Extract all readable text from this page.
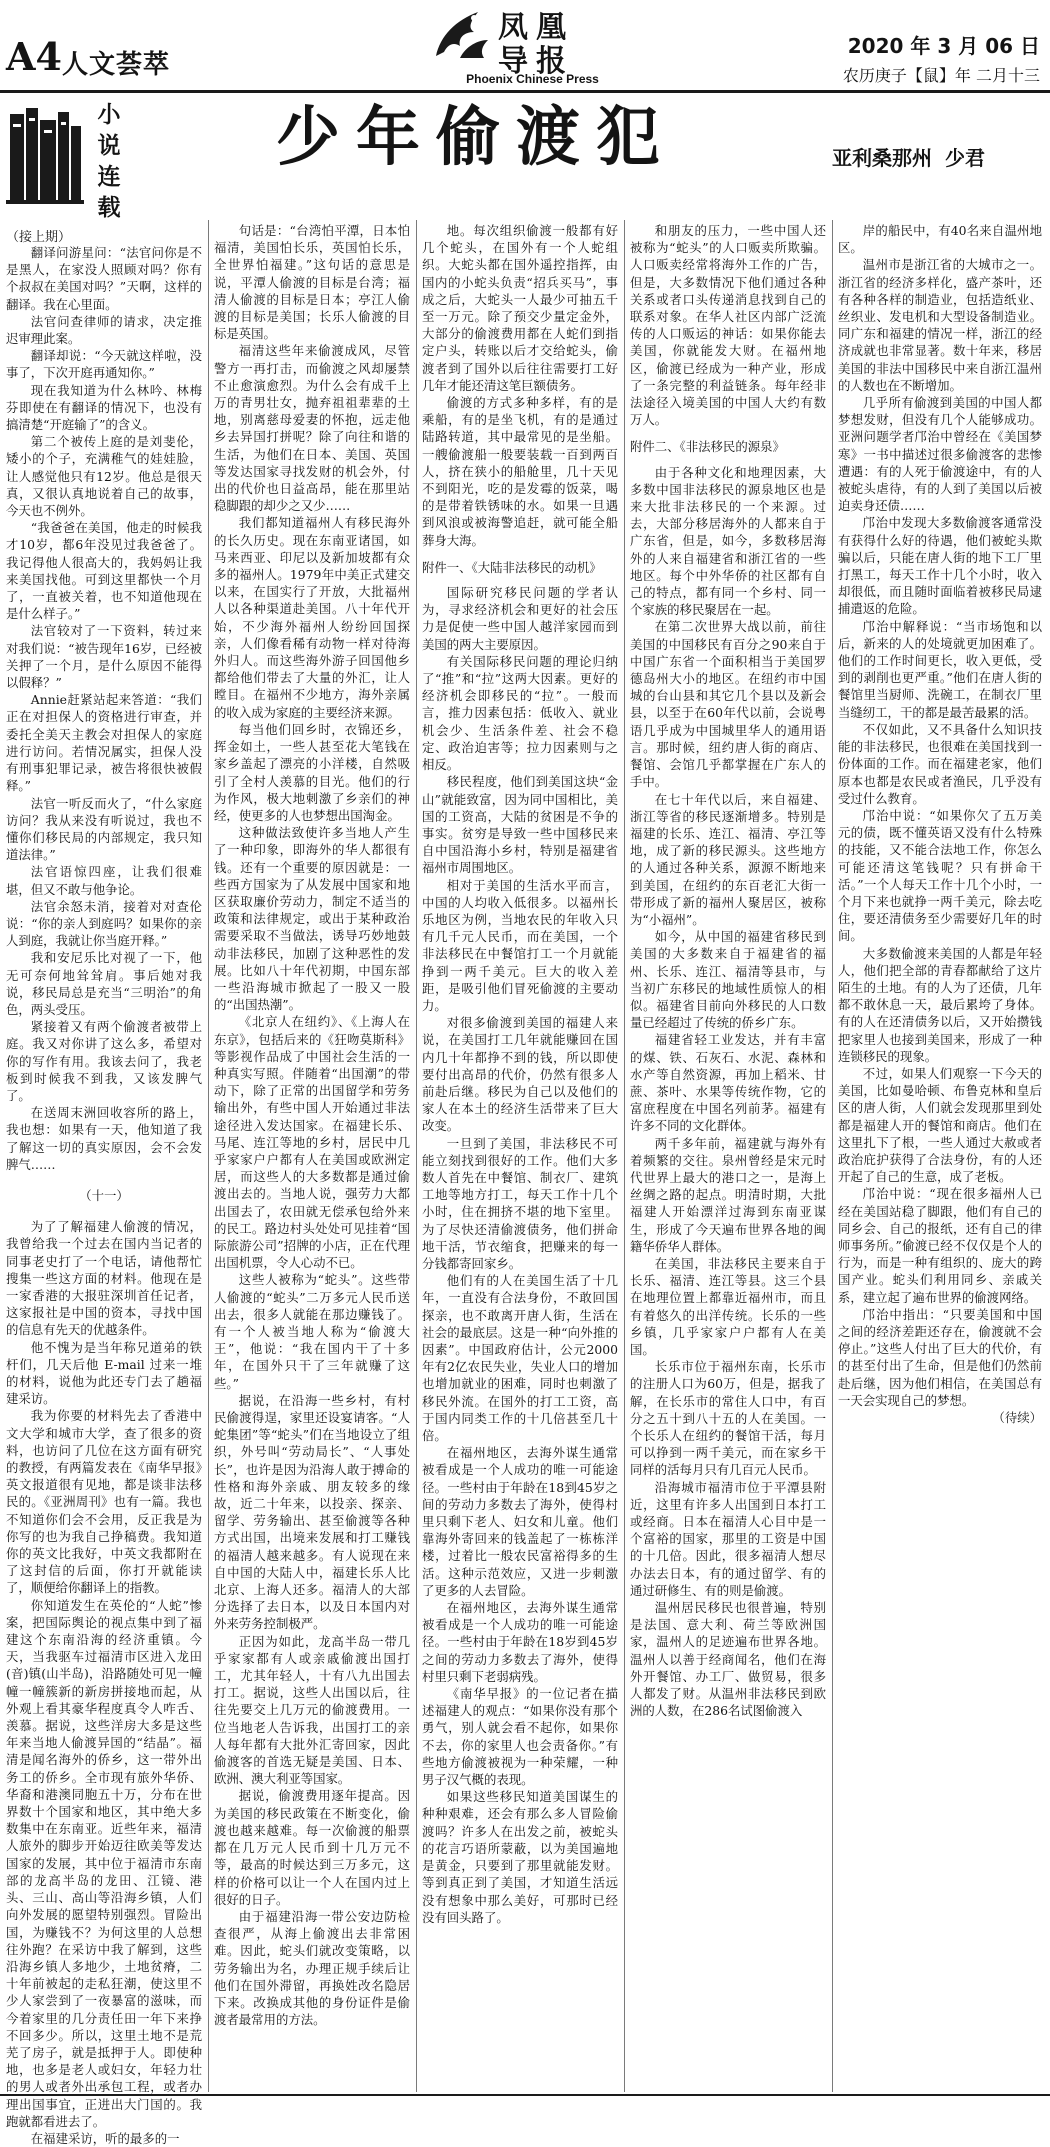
A4 人文荟萃
凤凰
导报
Phoenix Chinese Press
2020 年 3 月 06 日
农历庚子【鼠】年 二月十三
小
说
连
载
少年偷渡犯	亚利桑那州 少君
（接上期）

翻译问游星问：“法官问你是不是黑人，在家没人照顾对吗？你有个叔叔在美国对吗？”天啊，这样的翻译。我在心里面。

法官问查律师的请求，决定推迟审理此案。

翻译却说：“今天就这样啦，没事了，下次开庭再通知你。”

现在我知道为什么林吟、林梅芬即使在有翻译的情况下，也没有搞清楚“开庭输了”的含义。

第二个被传上庭的是刘斐伦，矮小的个子，充满稚气的娃娃脸，让人感觉他只有12岁。他总是很天真，又很认真地说着自己的故事，今天也不例外。

“我爸爸在美国，他走的时候我才10岁，都6年没见过我爸爸了。我记得他人很高大的，我妈妈让我来美国找他。可到这里都快一个月了，一直被关着，也不知道他现在是什么样子。”

法官较对了一下资料，转过来对我们说：“被告现年16岁，已经被关押了一个月，是什么原因不能得以假释？”

Annie赶紧站起来答道：“我们正在对担保人的资格进行审查，并委托全美天主教会对担保人的家庭进行访问。若情况属实，担保人没有刑事犯罪记录，被告将很快被假释。”

法官一听反而火了，“什么家庭访问？我从来没有听说过，我也不懂你们移民局的内部规定，我只知道法律。”

法官语惊四座，让我们很难堪，但又不敢与他争论。

法官余怒未消，接着对对查伦说：“你的亲人到庭吗？如果你的亲人到庭，我就让你当庭开释。”

我和安尼乐比对视了一下，他无可奈何地耸耸肩。事后她对我说，移民局总是充当“三明治”的角色，两头受压。

紧接着又有两个偷渡者被带上庭。我又对你讲了这么多，希望对你的写作有用。我该去问了，我老板到时候我不到我，又该发脾气了。

在送周末洲回收容所的路上，我也想：如果有一天，他知道了我了解这一切的真实原因，会不会发脾气……

（十一）

为了了解福建人偷渡的情况，我曾给我一个过去在国内当记者的同事老史打了一个电话，请他帮忙搜集一些这方面的材料。他现在是一家香港的大报驻深圳首任记者，这家报社是中国的资本，寻找中国的信息有先天的优越条件。

他不愧为是当年称兄道弟的铁杆们，几天后他 E-mail 过来一堆的材料，说他为此还专门去了趟福建采访。

我为你要的材料先去了香港中文大学和城市大学，查了很多的资料，也访问了几位在这方面有研究的教授，有两篇发表在《南华早报》英文报道很有见地，都是谈非法移民的。《亚洲周刊》也有一篇。我也不知道你们会不会用，反正我是为你写的也为我自己挣稿费。我知道你的英文比我好，中英文我都附在了这封信的后面，你打开就能读了，顺便给你翻译上的指教。

你知道发生在英伦的“人蛇”惨案，把国际舆论的视点集中到了福建这个东南沿海的经济重镇。今天，当我驱车过福清市区进入龙田(音)镇(山半岛)，沿路随处可见一幢幢一幢簇新的新房拼接地而起，从外观上看其豪华程度真令人咋舌、羡慕。据说，这些洋房大多是这些年来当地人偷渡异国的“结晶”。福清是闻名海外的侨乡，这一带外出务工的侨乡。全市现有旅外华侨、华裔和港澳同胞五十万，分布在世界数十个国家和地区，其中绝大多数集中在东南亚。近些年来，福清人旅外的脚步开始迈往欧美等发达国家的发展，其中位于福清市东南部的龙高半岛的龙田、江镜、港头、三山、高山等沿海乡镇，人们向外发展的愿望特别强烈。冒险出国，为赚钱不？为何这里的人总想往外跑？在采访中我了解到，这些沿海乡镇人多地少，土地贫瘠，二十年前被起的走私狂潮，使这里不少人家尝到了一夜暴富的滋味，而今着家里的几分责任田一年下来挣不回多少。所以，这里土地不是荒芜了房子，就是抵押于人。即使种地，也多是老人或妇女，年轻力壮的男人或者外出承包工程，或者办理出国事宜，正进出大门国的。我跑就都看进去了。

在福建采访，听的最多的一

句话是：“台湾怕平潭，日本怕福清，美国怕长乐，英国怕长乐，全世界怕福建。”这句话的意思是说，平潭人偷渡的目标是台湾；福清人偷渡的目标是日本；亭江人偷渡的目标是美国；长乐人偷渡的目标是英国。

福清这些年来偷渡成风，尽管警方一再打击，而偷渡之风却屡禁不止愈演愈烈。为什么会有成千上万的青男壮女，抛弃祖祖辈辈的土地，别离慈母爱妻的怀抱，远走他乡去异国打拼呢？除了向往和谐的生活，为他们在日本、美国、英国等发达国家寻找发财的机会外，付出的代价也日益高昂，能在那里站稳脚跟的却少之又少……

我们都知道福州人有移民海外的长久历史。现在东南亚诸国，如马来西亚、印尼以及新加坡都有众多的福州人。1979年中美正式建交以来，在国实行了开放，大批福州人以各种渠道赴美国。八十年代开始，不少海外福州人纷纷回国探亲，人们像看稀有动物一样对待海外归人。而这些海外游子回国他乡都给他们带去了大量的外汇，让人瞠目。在福州不少地方，海外亲属的收入成为家庭的主要经济来源。

每当他们回乡时，衣锦还乡，挥金如土，一些人甚至花大笔钱在家乡盖起了漂亮的小洋楼，自然吸引了全村人羡慕的目光。他们的行为作风，极大地刺激了乡亲们的神经，使更多的人也梦想出国淘金。

这种做法致使许多当地人产生了一种印象，即海外的华人都很有钱。还有一个重要的原因就是：一些西方国家为了从发展中国家和地区获取廉价劳动力，制定不适当的政策和法律规定，或出于某种政治需要采取不当做法，诱导巧妙地鼓动非法移民，加剧了这种恶性的发展。比如八十年代初期，中国东部一些沿海城市掀起了一股又一股的“出国热潮”。

《北京人在纽约》、《上海人在东京》，包括后来的《狂吻莫斯科》等影视作品成了中国社会生活的一种真实写照。伴随着“出国潮”的带动下，除了正常的出国留学和劳务输出外，有些中国人开始通过非法途径进入发达国家。在福建长乐、马尾、连江等地的乡村，居民中几乎家家户户都有人在美国或欧洲定居，而这些人的大多数都是通过偷渡出去的。当地人说，强劳力大都出国去了，农田就无偿承包给外来的民工。路边村头处处可见挂着“国际旅游公司”招牌的小店，正在代理出国机票，令人心动不已。

这些人被称为“蛇头”。这些带人偷渡的“蛇头”二万多元人民币送出去，很多人就能在那边赚钱了。有一个人被当地人称为“偷渡大王”，他说：“我在国内干了十多年，在国外只干了三年就赚了这些。”

据说，在沿海一些乡村，有村民偷渡得逞，家里还设宴请客。“人蛇集团”等“蛇头”们在当地设立了组织，外号叫“劳动局长”、“人事处长”，也许是因为沿海人敢于搏命的性格和海外亲戚、朋友较多的缘故，近二十年来，以投亲、探亲、留学、劳务输出、甚至偷渡等各种方式出国，出境来发展和打工赚钱的福清人越来越多。有人说现在来自中国的大陆人中，福建长乐人比北京、上海人还多。福清人的大部分选择了去日本，以及日本国内对外来劳务控制极严。

正因为如此，龙高半岛一带几乎家家都有人或亲戚偷渡出国打工，尤其年轻人，十有八九出国去打工。据说，这些人出国以后，往往先要交上几万元的偷渡费用。一位当地老人告诉我，出国打工的亲人每年都有大批外汇寄回家，因此偷渡客的首选无疑是美国、日本、欧洲、澳大利亚等国家。

据说，偷渡费用逐年提高。因为美国的移民政策在不断变化，偷渡也越来越难。每一次偷渡的船票都在几万元人民币到十几万元不等，最高的时候达到三万多元，这样的价格可以让一个人在国内过上很好的日子。

由于福建沿海一带公安边防检查很严，从海上偷渡出去非常困难。因此，蛇头们就改变策略，以劳务输出为名，办理正规手续后让他们在国外滞留，再换姓改名隐居下来。改换成其他的身份证件是偷渡者最常用的方法。

地。每次组织偷渡一般都有好几个蛇头，在国外有一个人蛇组织。大蛇头都在国外遥控指挥，由国内的小蛇头负责“招兵买马”，事成之后，大蛇头一人最少可抽五千至一万元。除了预交少量定金外，大部分的偷渡费用都在人蛇们到指定户头，转账以后才交给蛇头，偷渡者到了国外以后往往需要打工好几年才能还清这笔巨额债务。

偷渡的方式多种多样，有的是乘船，有的是坐飞机，有的是通过陆路转道，其中最常见的是坐船。一艘偷渡船一般要装载一百到两百人，挤在狭小的船舱里，几十天见不到阳光，吃的是发霉的饭菜，喝的是带着铁锈味的水。如果一旦遇到风浪或被海警追赶，就可能全船葬身大海。

附件一、《大陆非法移民的动机》

国际研究移民问题的学者认为，寻求经济机会和更好的社会压力是促使一些中国人越洋家园而到美国的两大主要原因。

有关国际移民问题的理论归纳了“推”和“拉”这两大因素。更好的经济机会即移民的“拉”。一般而言，推力因素包括：低收入、就业机会少、生活条件差、社会不稳定、政治迫害等；拉力因素则与之相反。

移民程度，他们到美国这块“金山”就能致富，因为同中国相比，美国的工资高，大陆的贫困是不争的事实。贫穷是导致一些中国移民来自中国沿海小乡村，特别是福建省福州市周围地区。

相对于美国的生活水平而言，中国的人均收入低很多。以福州长乐地区为例，当地农民的年收入只有几千元人民币，而在美国，一个非法移民在中餐馆打工一个月就能挣到一两千美元。巨大的收入差距，是吸引他们冒死偷渡的主要动力。

对很多偷渡到美国的福建人来说，在美国打工几年就能赚回在国内几十年都挣不到的钱，所以即使要付出高昂的代价，仍然有很多人前赴后继。移民为自己以及他们的家人在本土的经济生活带来了巨大改变。

一旦到了美国，非法移民不可能立刻找到很好的工作。他们大多数人首先在中餐馆、制衣厂、建筑工地等地方打工，每天工作十几个小时，住在拥挤不堪的地下室里。为了尽快还清偷渡债务，他们拼命地干活，节衣缩食，把赚来的每一分钱都寄回家乡。

他们有的人在美国生活了十几年，一直没有合法身份，不敢回国探亲，也不敢离开唐人街，生活在社会的最底层。这是一种“向外推的因素”。中国政府估计，公元2000年有2亿农民失业，失业人口的增加也增加就业的困难，同时也刺激了移民外流。在国外的打工工资，高于国内同类工作的十几倍甚至几十倍。

在福州地区，去海外谋生通常被看成是一个人成功的唯一可能途径。一些村由于年龄在18到45岁之间的劳动力多数去了海外，使得村里只剩下老人、妇女和儿童。他们靠海外寄回来的钱盖起了一栋栋洋楼，过着比一般农民富裕得多的生活。这种示范效应，又进一步刺激了更多的人去冒险。

在福州地区，去海外谋生通常被看成是一个人成功的唯一可能途径。一些村由于年龄在18岁到45岁之间的劳动力多数去了海外，使得村里只剩下老弱病残。

《南华早报》的一位记者在描述福建人的观点：“如果你没有那个勇气，别人就会看不起你，如果你不去，你的家里人也会责备你。”有些地方偷渡被视为一种荣耀，一种男子汉气概的表现。

如果这些移民知道美国谋生的种种艰难，还会有那么多人冒险偷渡吗？许多人在出发之前，被蛇头的花言巧语所蒙蔽，以为美国遍地是黄金，只要到了那里就能发财。等到真正到了美国，才知道生活远没有想象中那么美好，可那时已经没有回头路了。

和朋友的压力，一些中国人还被称为“蛇头”的人口贩卖所欺骗。人口贩卖经常将海外工作的广告，但是，大多数情况下他们通过各种关系或者口头传递消息找到自己的联系对象。在华人社区内部广泛流传的人口贩运的神话：如果你能去美国，你就能发大财。在福州地区，偷渡已经成为一种产业，形成了一条完整的利益链条。每年经非法途径入境美国的中国人大约有数万人。

附件二、《非法移民的源泉》

由于各种文化和地理因素，大多数中国非法移民的源泉地区也是来大批非法移民的一个来源。过去，大部分移居海外的人都来自于广东省，但是，如今，多数移居海外的人来自福建省和浙江省的一些地区。每个中外华侨的社区都有自己的特点，都有同一个乡村、同一个家族的移民聚居在一起。

在第二次世界大战以前，前往美国的中国移民有百分之90来自于中国广东省一个面积相当于美国罗德岛州大小的地区。在纽约市中国城的台山县和其它几个县以及新会县，以至于在60年代以前，会说粤语几乎成为中国城里华人的通用语言。那时候，纽约唐人街的商店、餐馆、会馆几乎都掌握在广东人的手中。

在七十年代以后，来自福建、浙江等省的移民逐渐增多。特别是福建的长乐、连江、福清、亭江等地，成了新的移民源头。这些地方的人通过各种关系，源源不断地来到美国，在纽约的东百老汇大街一带形成了新的福州人聚居区，被称为“小福州”。

如今，从中国的福建省移民到美国的大多数来自于福建省的福州、长乐、连江、福清等县市，与当初广东移民的地域性质惊人的相似。福建省目前向外移民的人口数量已经超过了传统的侨乡广东。

福建省轻工业发达，并有丰富的煤、铁、石灰石、水泥、森林和水产等自然资源，再加上稻米、甘蔗、茶叶、水果等传统作物，它的富庶程度在中国名列前茅。福建有许多不同的文化群体。

两千多年前，福建就与海外有着频繁的交往。泉州曾经是宋元时代世界上最大的港口之一，是海上丝绸之路的起点。明清时期，大批福建人开始漂洋过海到东南亚谋生，形成了今天遍布世界各地的闽籍华侨华人群体。

在美国，非法移民主要来自于长乐、福清、连江等县。这三个县在地理位置上都靠近福州市，而且有着悠久的出洋传统。长乐的一些乡镇，几乎家家户户都有人在美国。

长乐市位于福州东南，长乐市的注册人口为60万，但是，据我了解，在长乐市的常住人口中，有百分之五十到八十五的人在美国。一个长乐人在纽约的餐馆干活，每月可以挣到一两千美元，而在家乡干同样的活每月只有几百元人民币。

沿海城市福清市位于平潭县附近，这里有许多人出国到日本打工或经商。日本在福清人心目中是一个富裕的国家，那里的工资是中国的十几倍。因此，很多福清人想尽办法去日本，有的通过留学、有的通过研修生、有的则是偷渡。

温州居民移民也很普遍，特别是法国、意大利、荷兰等欧洲国家，温州人的足迹遍布世界各地。温州人以善于经商闻名，他们在海外开餐馆、办工厂、做贸易，很多人都发了财。从温州非法移民到欧洲的人数，在286名试图偷渡入

岸的船民中，有40名来自温州地区。

温州市是浙江省的大城市之一。浙江省的经济多样化，盛产茶叶，还有各种各样的制造业，包括造纸业、丝织业、发电机和大型设备制造业。同广东和福建的情况一样，浙江的经济成就也非常显著。数十年来，移居美国的非法中国移民中来自浙江温州的人数也在不断增加。

几乎所有偷渡到美国的中国人都梦想发财，但没有几个人能够成功。亚洲问题学者邝治中曾经在《美国梦寒》一书中描述过很多偷渡客的悲惨遭遇：有的人死于偷渡途中，有的人被蛇头虐待，有的人到了美国以后被迫卖身还债……

邝治中发现大多数偷渡客通常没有获得什么好的待遇，他们被蛇头欺骗以后，只能在唐人街的地下工厂里打黑工，每天工作十几个小时，收入却很低，而且随时面临着被移民局逮捕遣返的危险。

邝治中解释说：“当市场饱和以后，新来的人的处境就更加困难了。他们的工作时间更长，收入更低，受到的剥削也更严重。”他们在唐人街的餐馆里当厨师、洗碗工，在制衣厂里当缝纫工，干的都是最苦最累的活。

不仅如此，又不具备什么知识技能的非法移民，也很难在美国找到一份体面的工作。而在福建老家，他们原本也都是农民或者渔民，几乎没有受过什么教育。

邝治中说：“如果你欠了五万美元的债，既不懂英语又没有什么特殊的技能，又不能合法地工作，你怎么可能还清这笔钱呢？只有拼命干活。”一个人每天工作十几个小时，一个月下来也就挣一两千美元，除去吃住，要还清债务至少需要好几年的时间。

大多数偷渡来美国的人都是年轻人，他们把全部的青春都献给了这片陌生的土地。有的人为了还债，几年都不敢休息一天，最后累垮了身体。有的人在还清债务以后，又开始攒钱把家里人也接到美国来，形成了一种连锁移民的现象。

不过，如果人们观察一下今天的美国，比如曼哈顿、布鲁克林和皇后区的唐人街，人们就会发现那里到处都是福建人开的餐馆和商店。他们在这里扎下了根，一些人通过大赦或者政治庇护获得了合法身份，有的人还开起了自己的生意，成了老板。

邝治中说：“现在很多福州人已经在美国站稳了脚跟，他们有自己的同乡会、自己的报纸，还有自己的律师事务所。”偷渡已经不仅仅是个人的行为，而是一种有组织的、庞大的跨国产业。蛇头们利用同乡、亲戚关系，建立起了遍布世界的偷渡网络。

邝治中指出：“只要美国和中国之间的经济差距还存在，偷渡就不会停止。”这些人付出了巨大的代价，有的甚至付出了生命，但是他们仍然前赴后继，因为他们相信，在美国总有一天会实现自己的梦想。

（待续）
